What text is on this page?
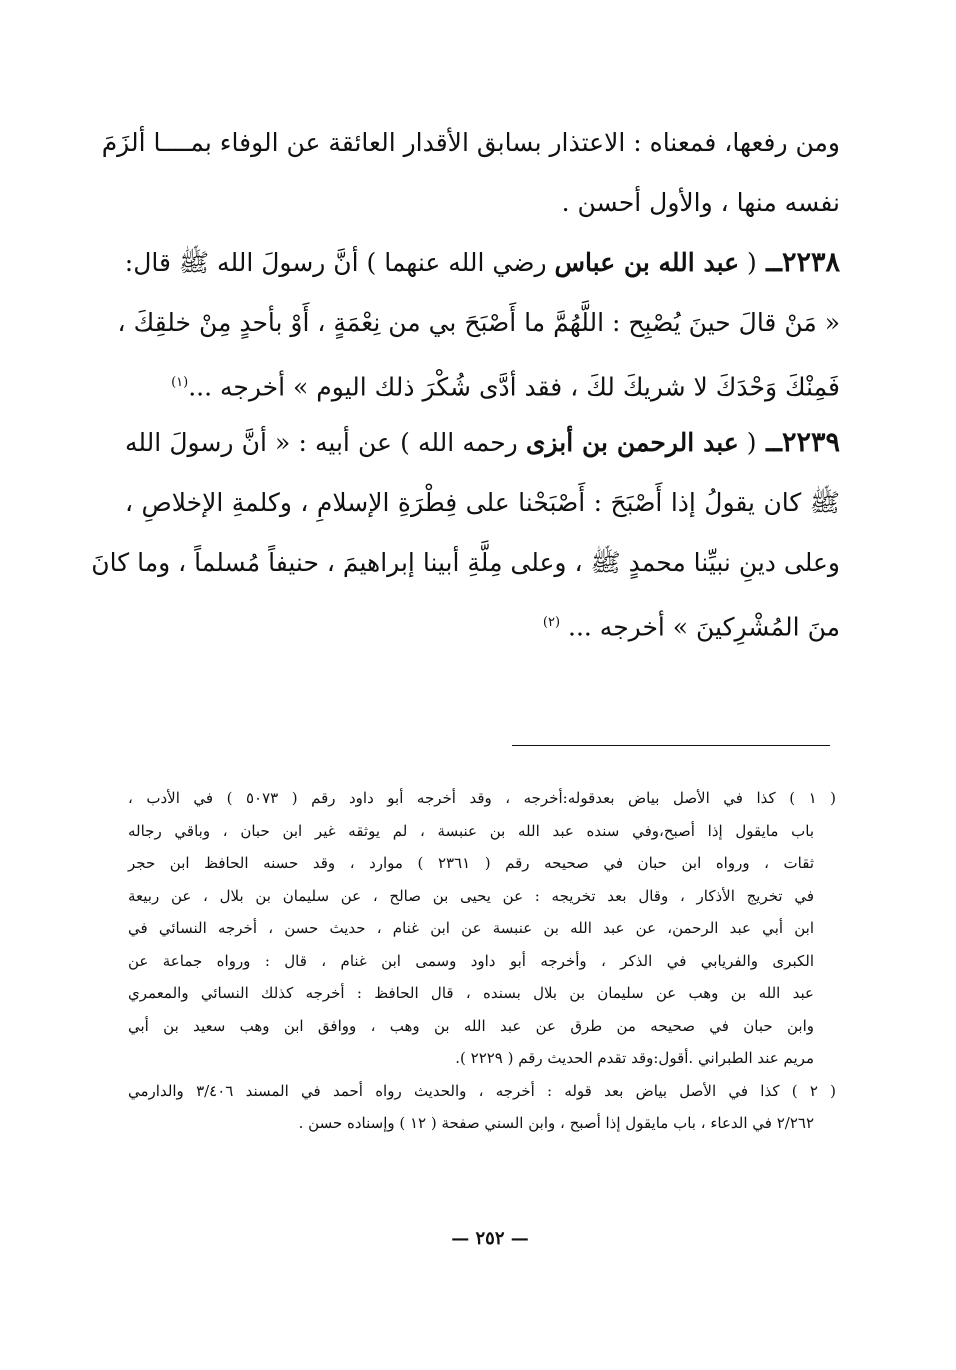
ومن رفعها، فمعناه : الاعتذار بسابق الأقدار العائقة عن الوفاء بمــــا ألزَمَ
نفسه منها ، والأول أحسن .
٢٢٣٨ــ ( عبد الله بن عباس رضي الله عنهما ) أنَّ رسولَ الله ﷺ قال:
« مَنْ قالَ حينَ يُصْبِح : اللَّهُمَّ ما أَصْبَحَ بي من نِعْمَةٍ ، أَوْ بأحدٍ مِنْ خلقِكَ ،
فَمِنْكَ وَحْدَكَ لا شريكَ لكَ ، فقد أدَّى شُكْرَ ذلك اليوم » أخرجه ...$^{(١)}$
٢٢٣٩ــ ( عبد الرحمن بن أبزى رحمه الله ) عن أبيه : « أنَّ رسولَ الله
ﷺ كان يقولُ إذا أَصْبَحَ : أَصْبَحْنا على فِطْرَةِ الإسلامِ ، وكلمةِ الإخلاصِ ،
وعلى دينِ نبيِّنا محمدٍ ﷺ ، وعلى مِلَّةِ أبينا إبراهيمَ ، حنيفاً مُسلماً ، وما كانَ
منَ المُشْرِكينَ » أخرجه ... $^{(٢)}$
( ١ ) كذا في الأصل بياض بعدقوله:أخرجه ، وقد أخرجه أبو داود رقم ( ٥٠٧٣ ) في الأدب ،
باب مايقول إذا أصبح،وفي سنده عبد الله بن عنبسة ، لم يوثقه غير ابن حبان ، وباقي رجاله
ثقات ، ورواه ابن حبان في صحيحه رقم ( ٢٣٦١ ) موارد ، وقد حسنه الحافظ ابن حجر
في تخريج الأذكار ، وقال بعد تخريجه : عن يحيى بن صالح ، عن سليمان بن بلال ، عن ربيعة
ابن أبي عبد الرحمن، عن عبد الله بن عنبسة عن ابن غنام ، حديث حسن ، أخرجه النسائي في
الكبرى والفريابي في الذكر ، وأخرجه أبو داود وسمى ابن غنام ، قال : ورواه جماعة عن
عبد الله بن وهب عن سليمان بن بلال بسنده ، قال الحافظ : أخرجه كذلك النسائي والمعمري
وابن حبان في صحيحه من طرق عن عبد الله بن وهب ، ووافق ابن وهب سعيد بن أبي
مريم عند الطبراني .أقول:وقد تقدم الحديث رقم ( ٢٢٢٩ ).
( ٢ ) كذا في الأصل بياض بعد قوله : أخرجه ، والحديث رواه أحمد في المسند ٣/٤٠٦ والدارمي
٢/٢٦٢ في الدعاء ، باب مايقول إذا أصبح ، وابن السني صفحة ( ١٢ ) وإسناده حسن .
— ٢٥٢ —
